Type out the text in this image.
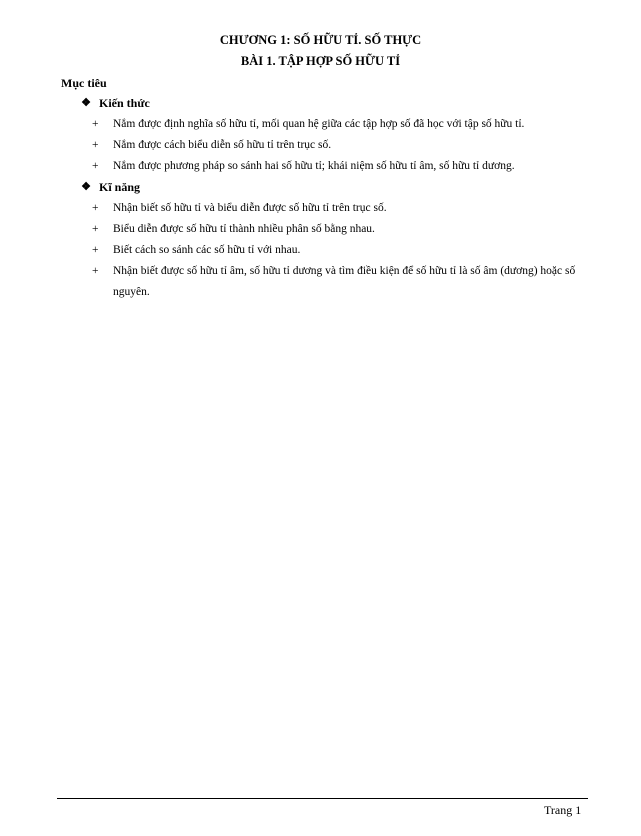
CHƯƠNG 1: SỐ HỮU TỈ. SỐ THỰC
BÀI 1. TẬP HỢP SỐ HỮU TỈ
Mục tiêu
❖ Kiến thức
+	Nắm được định nghĩa số hữu tỉ, mối quan hệ giữa các tập hợp số đã học với tập số hữu tỉ.
+	Nắm được cách biểu diễn số hữu tỉ trên trục số.
+	Nắm được phương pháp so sánh hai số hữu tỉ; khái niệm số hữu tỉ âm, số hữu tỉ dương.
❖ Kĩ năng
+	Nhận biết số hữu tỉ và biểu diễn được số hữu tỉ trên trục số.
+	Biểu diễn được số hữu tỉ thành nhiều phân số bằng nhau.
+	Biết cách so sánh các số hữu tỉ với nhau.
+	Nhận biết được số hữu tỉ âm, số hữu tỉ dương và tìm điều kiện để số hữu tỉ là số âm (dương) hoặc số nguyên.
Trang 1
